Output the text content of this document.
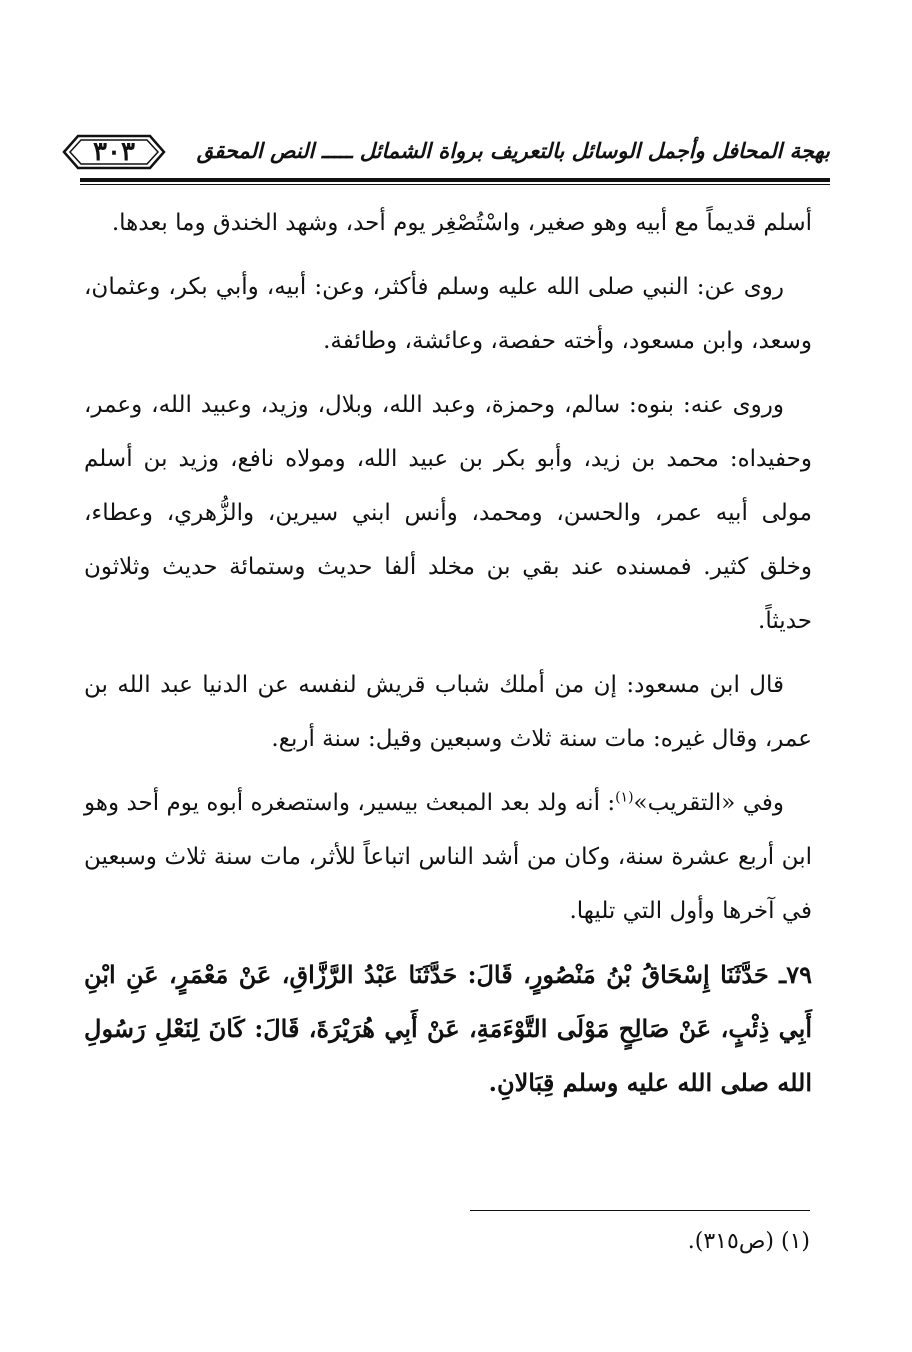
بهجة المحافل وأجمل الوسائل بالتعريف برواة الشمائل ـــــ النص المحقق
٣٠٣

أسلم قديماً مع أبيه وهو صغير، واسْتُصْغِر يوم أحد، وشهد الخندق وما بعدها.

روى عن: النبي صلى الله عليه وسلم فأكثر، وعن: أبيه، وأبي بكر، وعثمان، وسعد، وابن مسعود، وأخته حفصة، وعائشة، وطائفة.

وروى عنه: بنوه: سالم، وحمزة، وعبد الله، وبلال، وزيد، وعبيد الله، وعمر، وحفيداه: محمد بن زيد، وأبو بكر بن عبيد الله، ومولاه نافع، وزيد بن أسلم مولى أبيه عمر، والحسن، ومحمد، وأنس ابني سيرين، والزُّهري، وعطاء، وخلق كثير. فمسنده عند بقي بن مخلد ألفا حديث وستمائة حديث وثلاثون حديثاً.

قال ابن مسعود: إن من أملك شباب قريش لنفسه عن الدنيا عبد الله بن عمر، وقال غيره: مات سنة ثلاث وسبعين وقيل: سنة أربع.

وفي «التقريب»$^{(١)}$: أنه ولد بعد المبعث بيسير، واستصغره أبوه يوم أحد وهو ابن أربع عشرة سنة، وكان من أشد الناس اتباعاً للأثر، مات سنة ثلاث وسبعين في آخرها وأول التي تليها.

٧٩ـ حَدَّثَنَا إِسْحَاقُ بْنُ مَنْصُورٍ، قَالَ: حَدَّثَنَا عَبْدُ الرَّزَّاقِ، عَنْ مَعْمَرٍ، عَنِ ابْنِ أَبِي ذِئْبٍ، عَنْ صَالِحٍ مَوْلَى التَّوْءَمَةِ، عَنْ أَبِي هُرَيْرَةَ، قَالَ: كَانَ لِنَعْلِ رَسُولِ الله صلى الله عليه وسلم قِبَالانِ.

(١) (ص٣١٥).
